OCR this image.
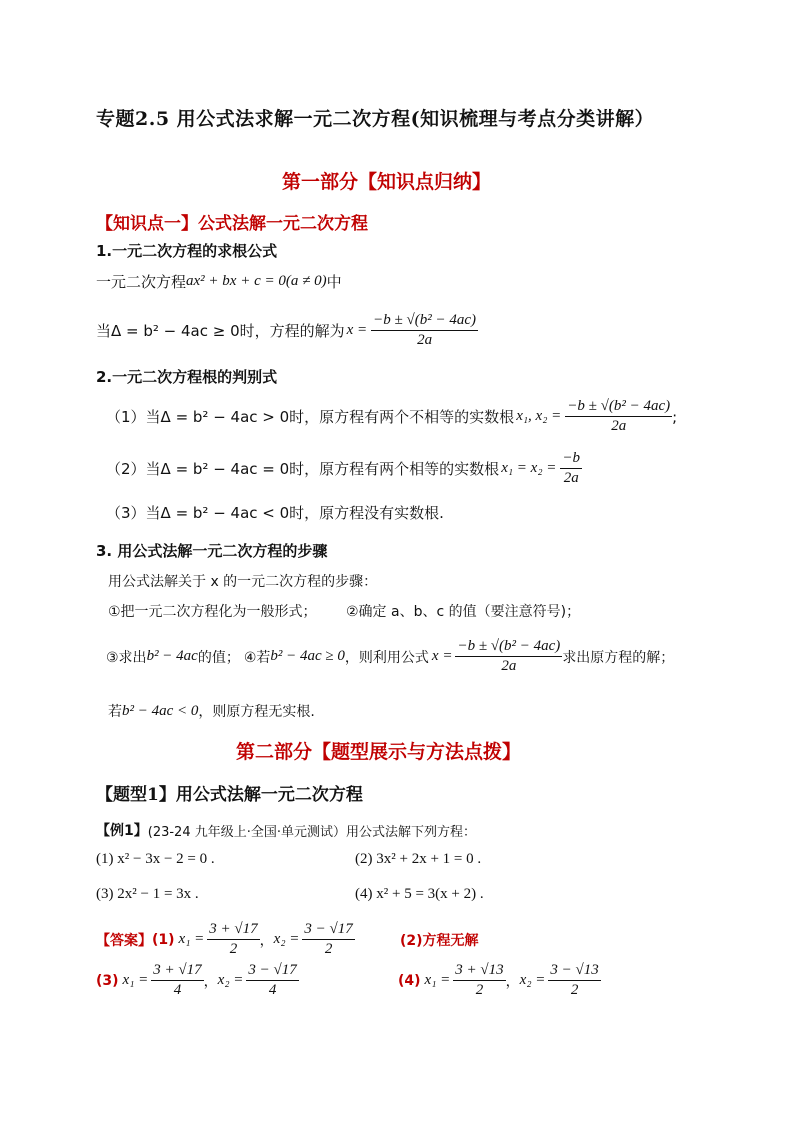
专题2.5 用公式法求解一元二次方程(知识梳理与考点分类讲解）
第一部分【知识点归纳】
【知识点一】公式法解一元二次方程
1.一元二次方程的求根公式
一元二次方程 ax² + bx + c = 0(a ≠ 0) 中
当Δ = b² − 4ac ≥ 0时，方程的解为 $x = \frac{\text{−b ± √(b² − 4ac)}}{2a}$
2.一元二次方程根的判别式
（1）当Δ = b² − 4ac > 0时，原方程有两个不相等的实数根 x₁, $x_2 = \frac{\text{−b ± √(b² − 4ac)}}{2a}$ ;
（2）当Δ = b² − 4ac = 0时，原方程有两个相等的实数根 $x_1 = x_2 = \frac{-b}{2a}$
（3）当Δ = b² − 4ac < 0时，原方程没有实数根.
3. 用公式法解一元二次方程的步骤
用公式法解关于 x 的一元二次方程的步骤：
①把一元二次方程化为一般形式； ②确定 a、b、c 的值（要注意符号)；
③求出 b² − 4ac 的值； ④若 b² − 4ac ≥ 0 ，则利用公式 $x = \frac{\text{−b ± √(b² − 4ac)}}{2a}$ 求出原方程的解；
若 b² − 4ac < 0 ，则原方程无实根.
第二部分【题型展示与方法点拨】
【题型1】用公式法解一元二次方程
【例1】 (23-24 九年级上·全国·单元测试）用公式法解下列方程：
(1) x² − 3x − 2 = 0 .	(2) 3x² + 2x + 1 = 0 .
(3) 2x² − 1 = 3x .	(4) x² + 5 = 3(x + 2) .
【答案】 (1) $x_1 = \frac{3 + √17}{2}$ ， $x_2 = \frac{3 - √17}{2}$	(2)方程无解
(3) $x_1 = \frac{3 + √17}{4}$ ， $x_2 = \frac{3 - √17}{4}$	(4) $x_1 = \frac{3 + √13}{2}$ ， $x_2 = \frac{3 - √13}{2}$
